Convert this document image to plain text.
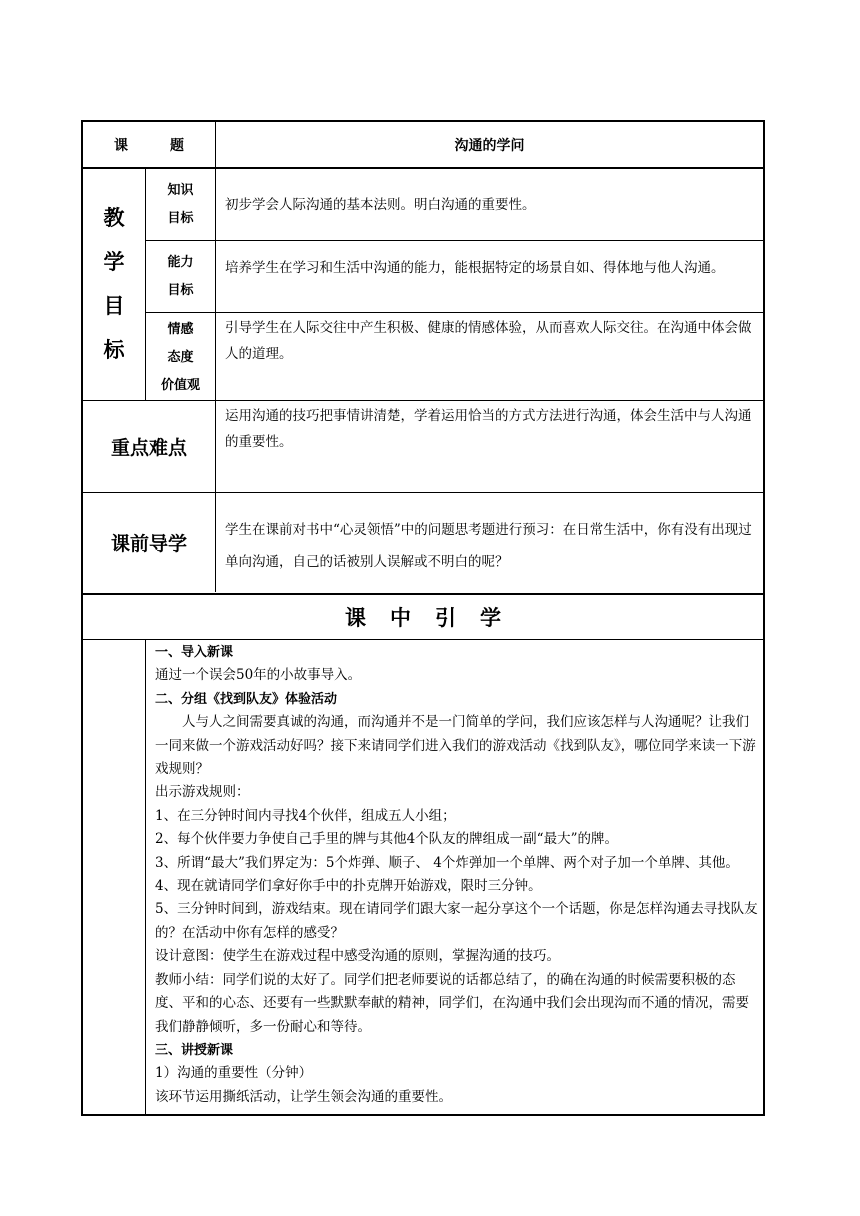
课	题	沟通的学问
教
学
目
标
知识
目标
初步学会人际沟通的基本法则。明白沟通的重要性。
能力
目标
培养学生在学习和生活中沟通的能力，能根据特定的场景自如、得体地与他人沟通。
情感
态度
价值观
引导学生在人际交往中产生积极、健康的情感体验，从而喜欢人际交往。在沟通中体会做人的道理。
重点难点
运用沟通的技巧把事情讲清楚，学着运用恰当的方式方法进行沟通，体会生活中与人沟通的重要性。
课前导学
学生在课前对书中“心灵领悟”中的问题思考题进行预习：在日常生活中，你有没有出现过单向沟通，自己的话被别人误解或不明白的呢？
课中引学

一、导入新课

通过一个误会50年的小故事导入。

二、分组《找到队友》体验活动

人与人之间需要真诚的沟通，而沟通并不是一门简单的学问，我们应该怎样与人沟通呢？让我们一同来做一个游戏活动好吗？接下来请同学们进入我们的游戏活动《找到队友》，哪位同学来读一下游戏规则？

出示游戏规则：

1、在三分钟时间内寻找4个伙伴，组成五人小组；

2、每个伙伴要力争使自己手里的牌与其他4个队友的牌组成一副“最大”的牌。

3、所谓“最大”我们界定为：5个炸弹、顺子、 4个炸弹加一个单牌、两个对子加一个单牌、其他。

4、现在就请同学们拿好你手中的扑克牌开始游戏，限时三分钟。

5、三分钟时间到，游戏结束。现在请同学们跟大家一起分享这个一个话题，你是怎样沟通去寻找队友的？在活动中你有怎样的感受？

设计意图：使学生在游戏过程中感受沟通的原则，掌握沟通的技巧。

教师小结：同学们说的太好了。同学们把老师要说的话都总结了，的确在沟通的时候需要积极的态度、平和的心态、还要有一些默默奉献的精神，同学们，在沟通中我们会出现沟而不通的情况，需要我们静静倾听，多一份耐心和等待。

三、讲授新课

1）沟通的重要性（分钟）

该环节运用撕纸活动，让学生领会沟通的重要性。
